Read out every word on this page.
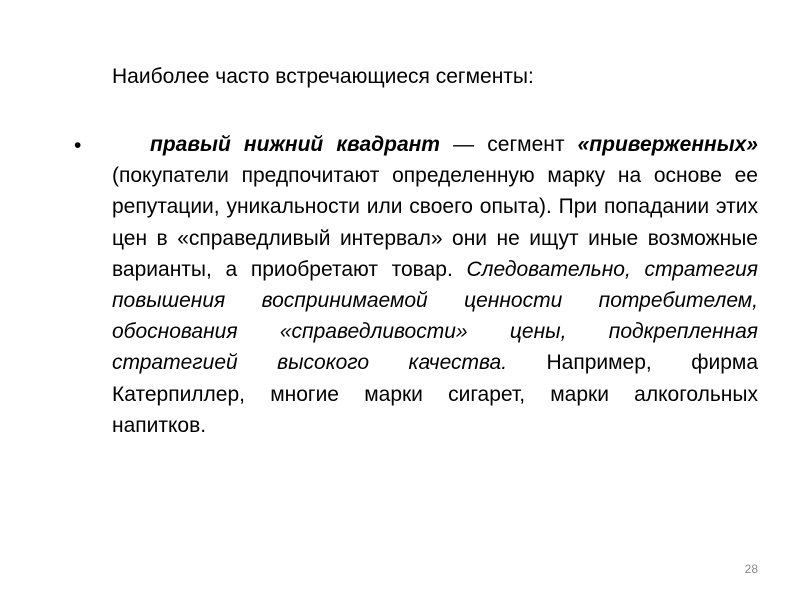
Наиболее часто встречающиеся сегменты:
•	правый нижний квадрант — сегмент «приверженных» (покупатели предпочитают определенную марку на основе ее репутации, уникальности или своего опыта). При попадании этих цен в «справедливый интервал» они не ищут иные возможные варианты, а приобретают товар. Следовательно, стратегия повышения воспринимаемой ценности потребителем, обоснования «справедливости» цены, подкрепленная стратегией высокого качества. Например, фирма Катерпиллер, многие марки сигарет, марки алкогольных напитков.
28
